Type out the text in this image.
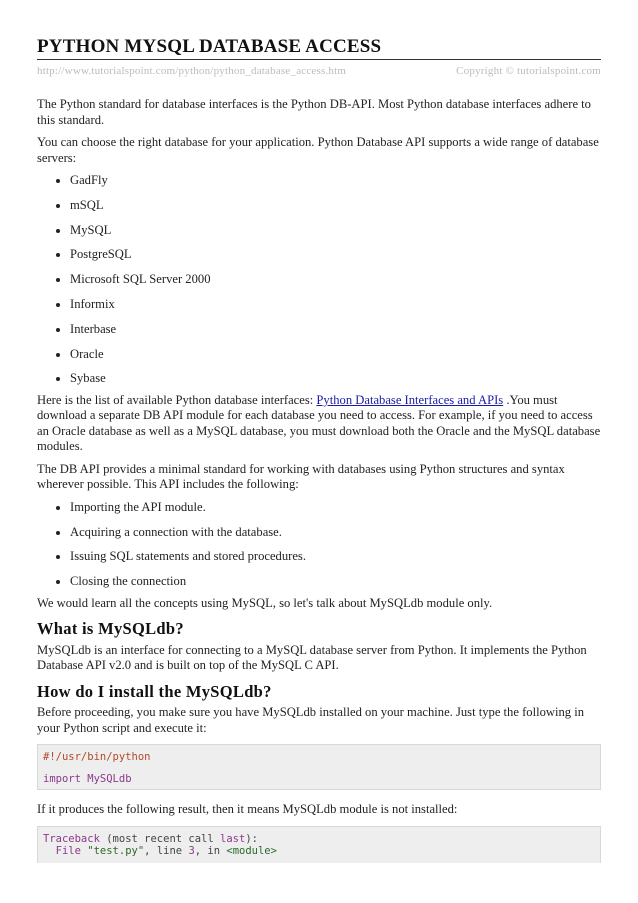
PYTHON MYSQL DATABASE ACCESS
http://www.tutorialspoint.com/python/python_database_access.htm	Copyright © tutorialspoint.com

The Python standard for database interfaces is the Python DB-API. Most Python database interfaces adhere to this standard.

You can choose the right database for your application. Python Database API supports a wide range of database servers:

• GadFly
• mSQL
• MySQL
• PostgreSQL
• Microsoft SQL Server 2000
• Informix
• Interbase
• Oracle
• Sybase

Here is the list of available Python database interfaces: Python Database Interfaces and APIs .You must download a separate DB API module for each database you need to access. For example, if you need to access an Oracle database as well as a MySQL database, you must download both the Oracle and the MySQL database modules.

The DB API provides a minimal standard for working with databases using Python structures and syntax wherever possible. This API includes the following:

• Importing the API module.
• Acquiring a connection with the database.
• Issuing SQL statements and stored procedures.
• Closing the connection

We would learn all the concepts using MySQL, so let's talk about MySQLdb module only.

What is MySQLdb?

MySQLdb is an interface for connecting to a MySQL database server from Python. It implements the Python Database API v2.0 and is built on top of the MySQL C API.

How do I install the MySQLdb?

Before proceeding, you make sure you have MySQLdb installed on your machine. Just type the following in your Python script and execute it:

#!/usr/bin/python
import MySQLdb

If it produces the following result, then it means MySQLdb module is not installed:

Traceback (most recent call last):
File "test.py", line 3, in <module>
